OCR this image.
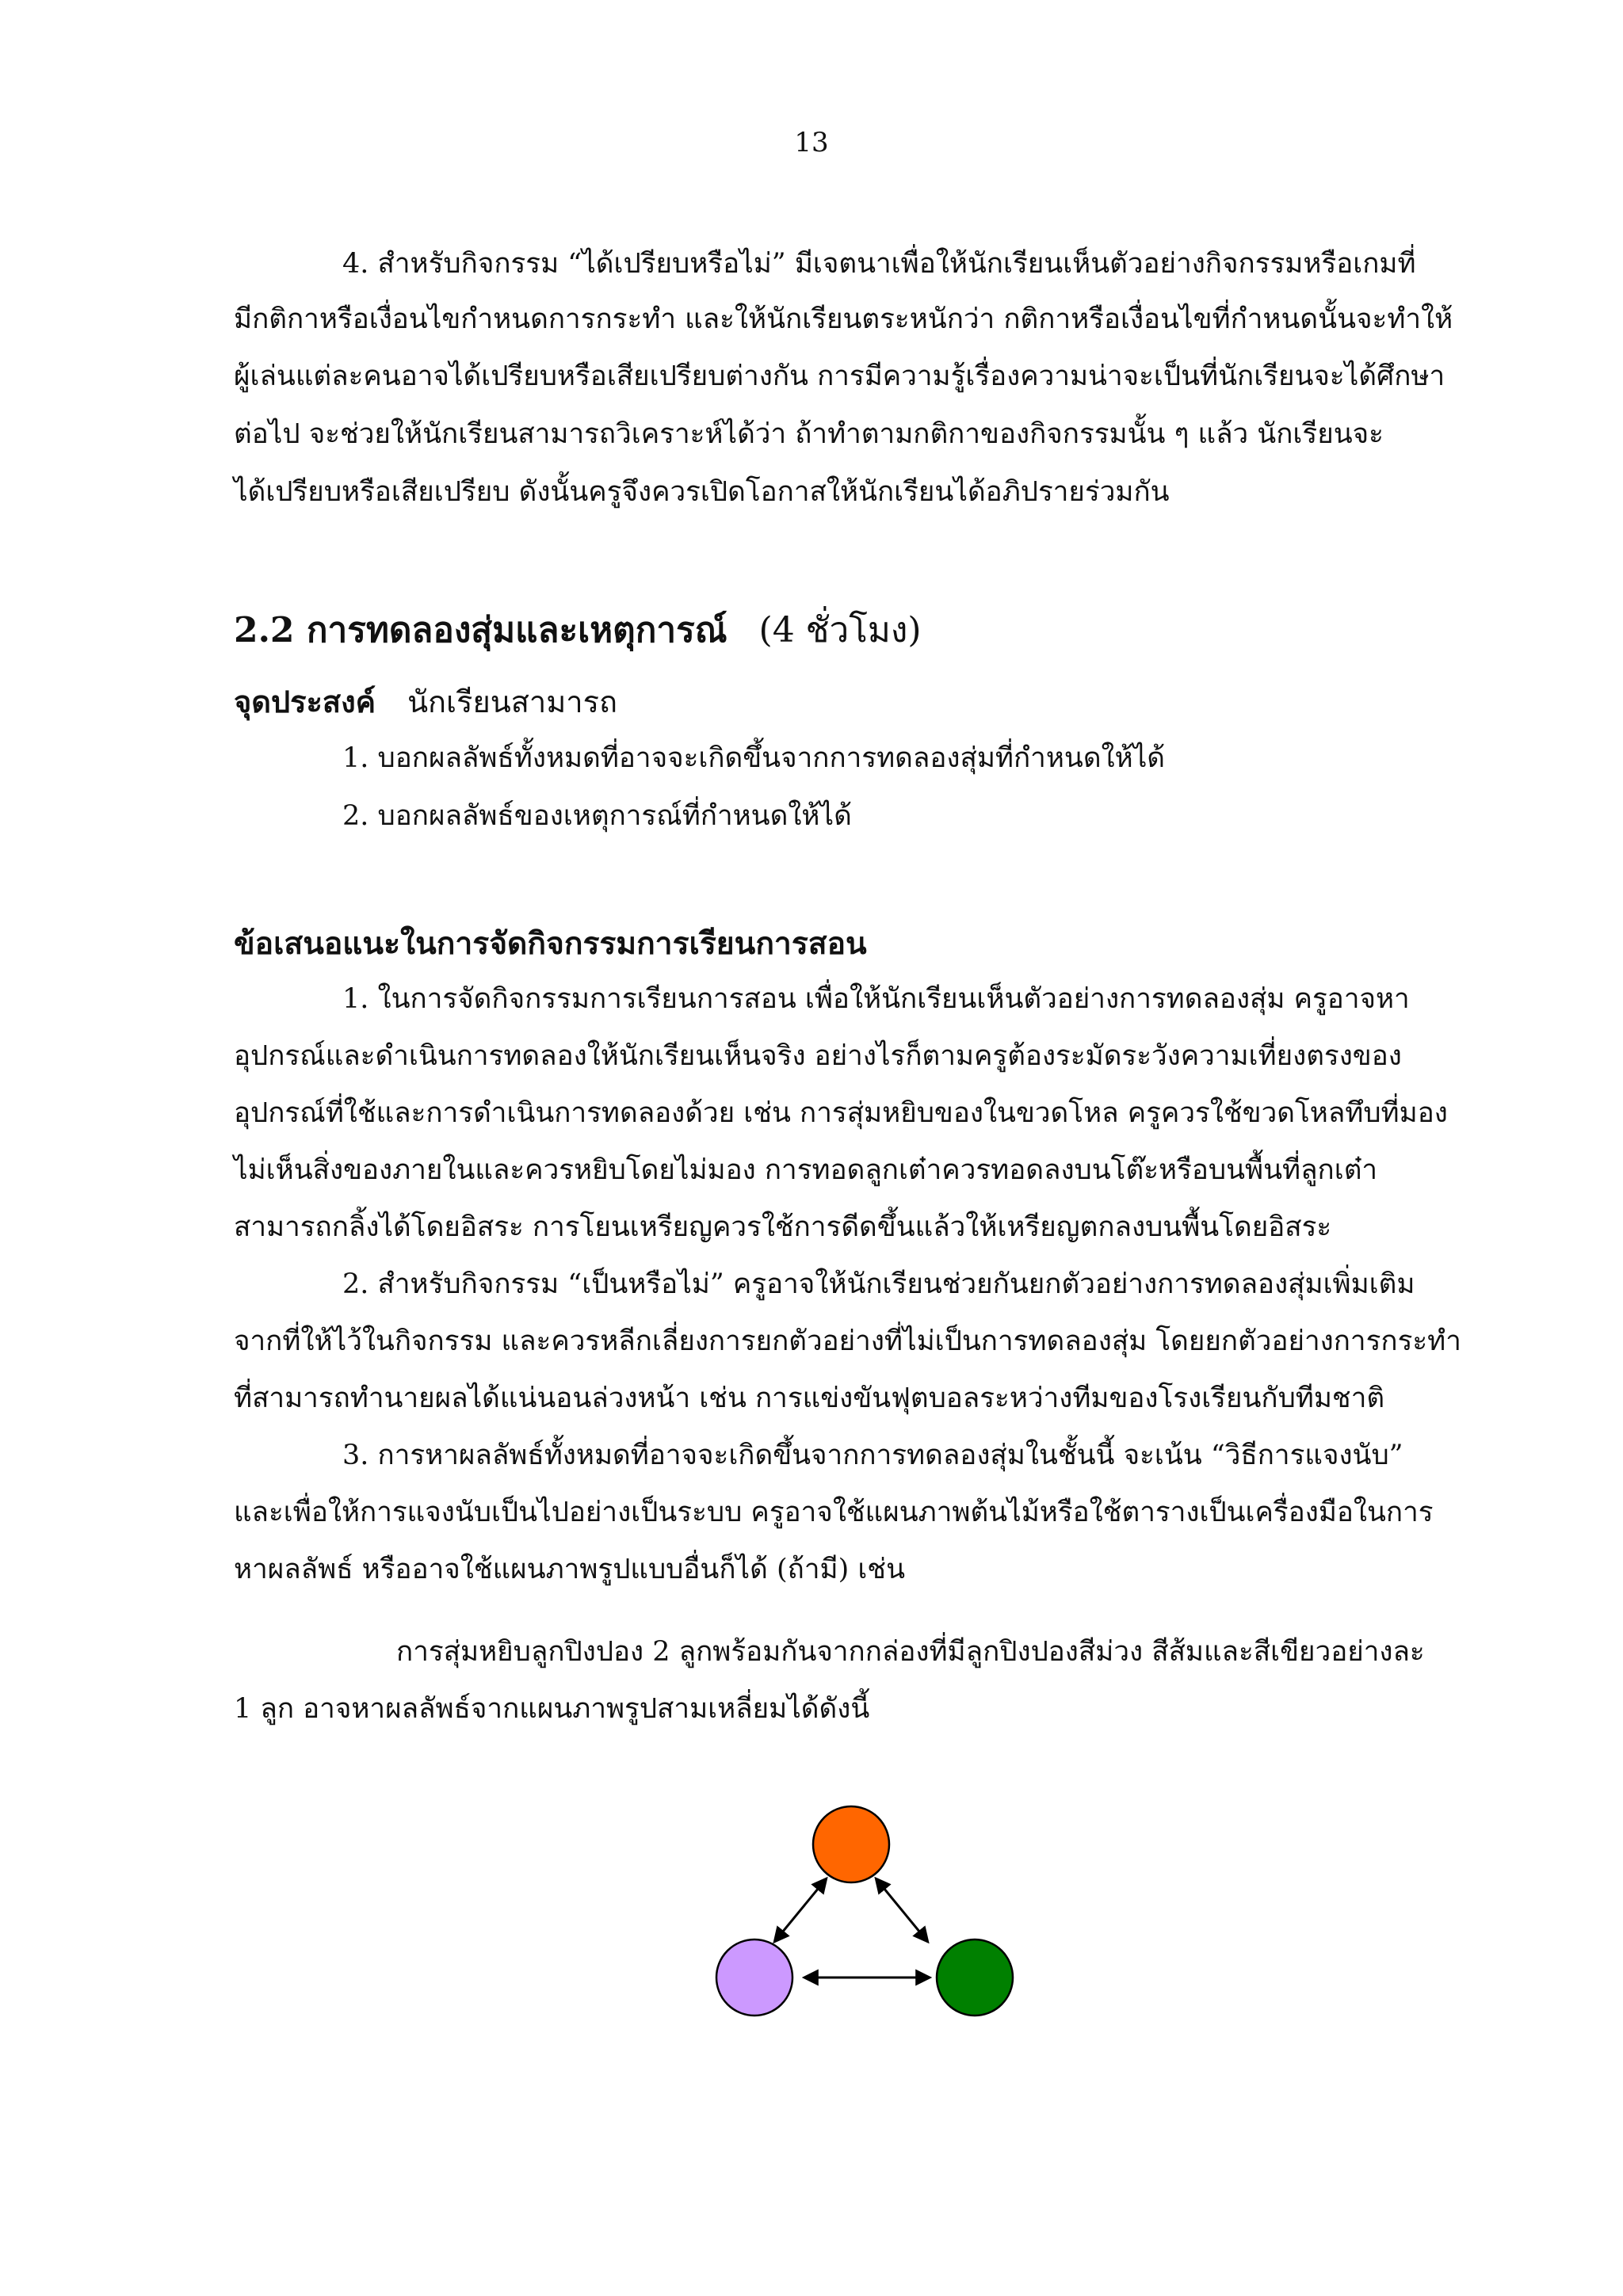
13
4. สำหรับกิจกรรม “ได้เปรียบหรือไม่” มีเจตนาเพื่อให้นักเรียนเห็นตัวอย่างกิจกรรมหรือเกมที่
มีกติกาหรือเงื่อนไขกำหนดการกระทำ และให้นักเรียนตระหนักว่า กติกาหรือเงื่อนไขที่กำหนดนั้นจะทำให้
ผู้เล่นแต่ละคนอาจได้เปรียบหรือเสียเปรียบต่างกัน การมีความรู้เรื่องความน่าจะเป็นที่นักเรียนจะได้ศึกษา
ต่อไป จะช่วยให้นักเรียนสามารถวิเคราะห์ได้ว่า ถ้าทำตามกติกาของกิจกรรมนั้น ๆ แล้ว นักเรียนจะ
ได้เปรียบหรือเสียเปรียบ ดังนั้นครูจึงควรเปิดโอกาสให้นักเรียนได้อภิปรายร่วมกัน
2.2 การทดลองสุ่มและเหตุการณ์ (4 ชั่วโมง)
จุดประสงค์ นักเรียนสามารถ
1. บอกผลลัพธ์ทั้งหมดที่อาจจะเกิดขึ้นจากการทดลองสุ่มที่กำหนดให้ได้
2. บอกผลลัพธ์ของเหตุการณ์ที่กำหนดให้ได้
ข้อเสนอแนะในการจัดกิจกรรมการเรียนการสอน
1. ในการจัดกิจกรรมการเรียนการสอน เพื่อให้นักเรียนเห็นตัวอย่างการทดลองสุ่ม ครูอาจหา
อุปกรณ์และดำเนินการทดลองให้นักเรียนเห็นจริง อย่างไรก็ตามครูต้องระมัดระวังความเที่ยงตรงของ
อุปกรณ์ที่ใช้และการดำเนินการทดลองด้วย เช่น การสุ่มหยิบของในขวดโหล ครูควรใช้ขวดโหลทึบที่มอง
ไม่เห็นสิ่งของภายในและควรหยิบโดยไม่มอง การทอดลูกเต๋าควรทอดลงบนโต๊ะหรือบนพื้นที่ลูกเต๋า
สามารถกลิ้งได้โดยอิสระ การโยนเหรียญควรใช้การดีดขึ้นแล้วให้เหรียญตกลงบนพื้นโดยอิสระ
2. สำหรับกิจกรรม “เป็นหรือไม่” ครูอาจให้นักเรียนช่วยกันยกตัวอย่างการทดลองสุ่มเพิ่มเติม
จากที่ให้ไว้ในกิจกรรม และควรหลีกเลี่ยงการยกตัวอย่างที่ไม่เป็นการทดลองสุ่ม โดยยกตัวอย่างการกระทำ
ที่สามารถทำนายผลได้แน่นอนล่วงหน้า เช่น การแข่งขันฟุตบอลระหว่างทีมของโรงเรียนกับทีมชาติ
3. การหาผลลัพธ์ทั้งหมดที่อาจจะเกิดขึ้นจากการทดลองสุ่มในชั้นนี้ จะเน้น “วิธีการแจงนับ”
และเพื่อให้การแจงนับเป็นไปอย่างเป็นระบบ ครูอาจใช้แผนภาพต้นไม้หรือใช้ตารางเป็นเครื่องมือในการ
หาผลลัพธ์ หรืออาจใช้แผนภาพรูปแบบอื่นก็ได้ (ถ้ามี) เช่น
การสุ่มหยิบลูกปิงปอง 2 ลูกพร้อมกันจากกล่องที่มีลูกปิงปองสีม่วง สีส้มและสีเขียวอย่างละ
1 ลูก อาจหาผลลัพธ์จากแผนภาพรูปสามเหลี่ยมได้ดังนี้
